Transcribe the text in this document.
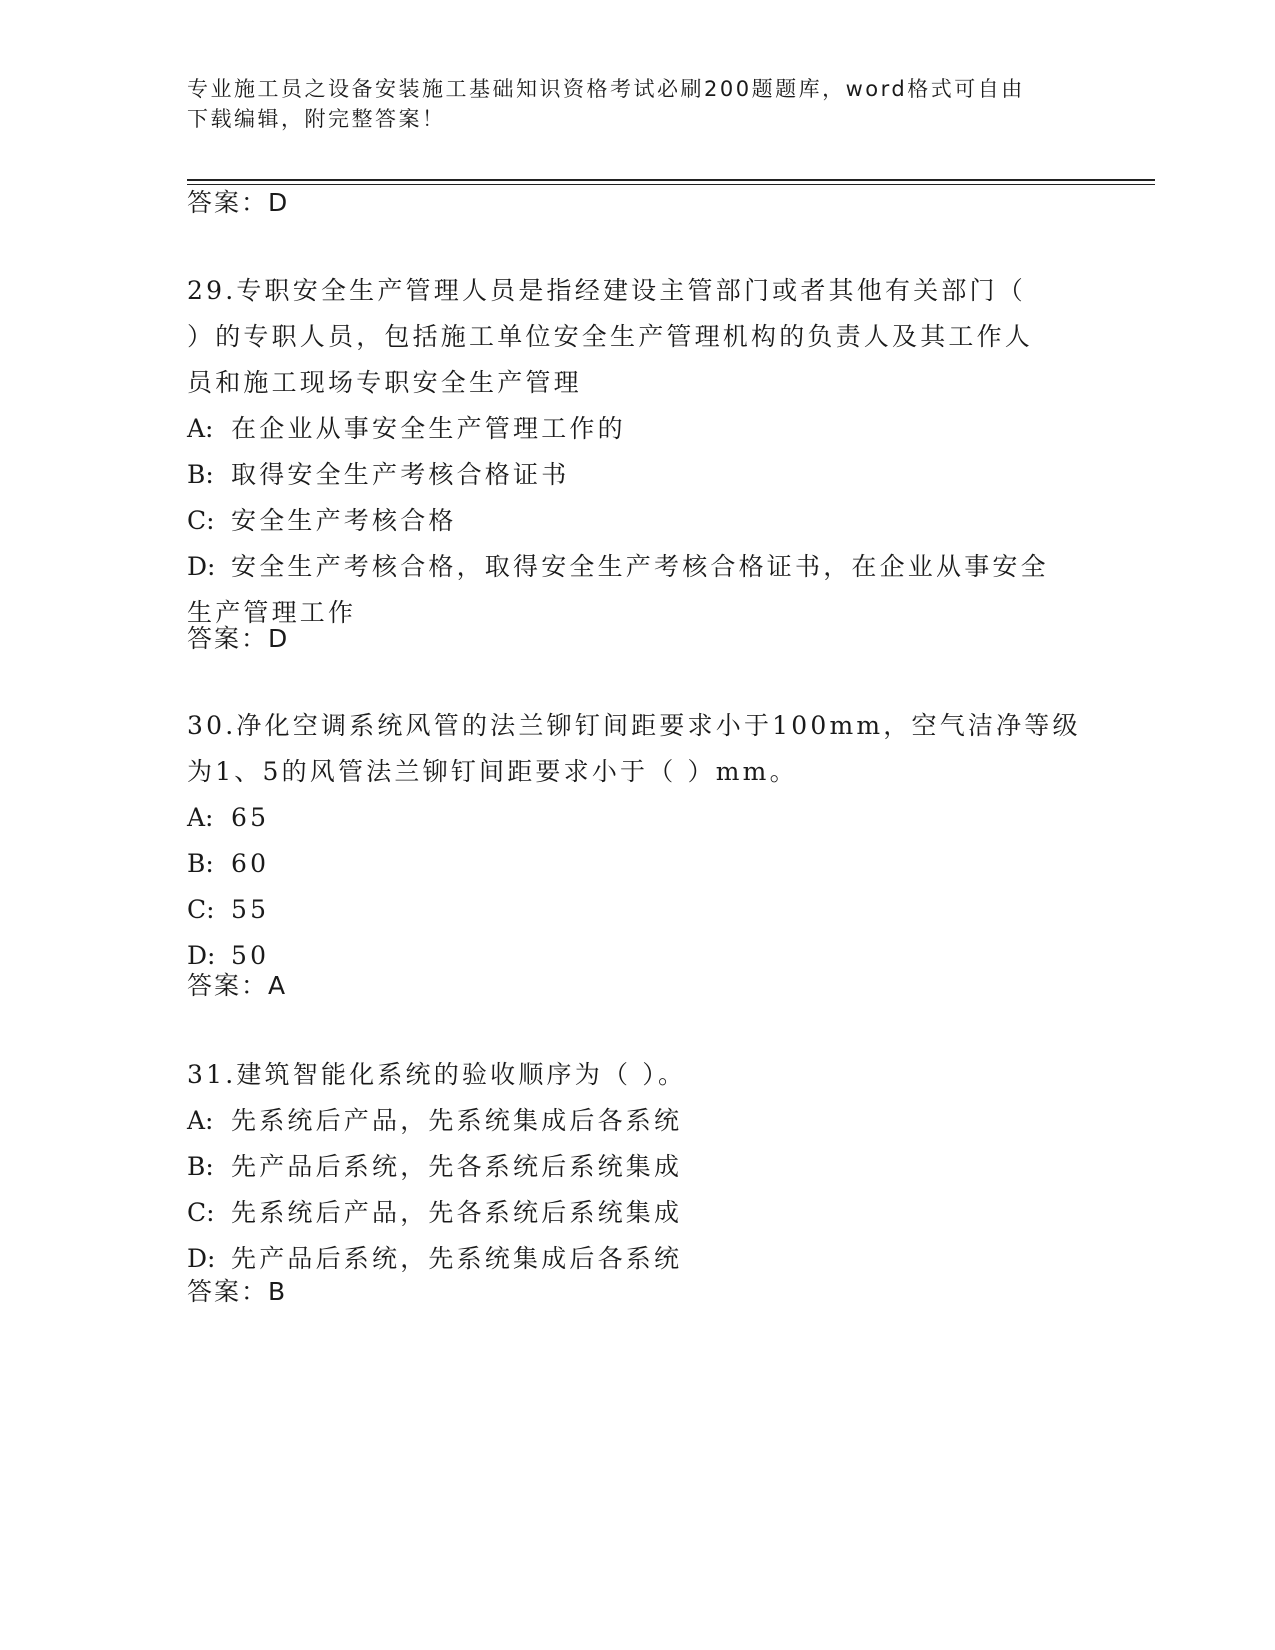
专业施工员之设备安装施工基础知识资格考试必刷200题题库，word格式可自由
下载编辑，附完整答案！
答案：D
29.专职安全生产管理人员是指经建设主管部门或者其他有关部门（
）的专职人员，包括施工单位安全生产管理机构的负责人及其工作人
员和施工现场专职安全生产管理
A: 在企业从事安全生产管理工作的
B: 取得安全生产考核合格证书
C: 安全生产考核合格
D: 安全生产考核合格，取得安全生产考核合格证书，在企业从事安全
生产管理工作
答案：D
30.净化空调系统风管的法兰铆钉间距要求小于100mm，空气洁净等级
为1、5的风管法兰铆钉间距要求小于（ ）mm。
A: 65
B: 60
C: 55
D: 50
答案：A
31.建筑智能化系统的验收顺序为（ ）。
A: 先系统后产品，先系统集成后各系统
B: 先产品后系统，先各系统后系统集成
C: 先系统后产品，先各系统后系统集成
D: 先产品后系统，先系统集成后各系统
答案：B
